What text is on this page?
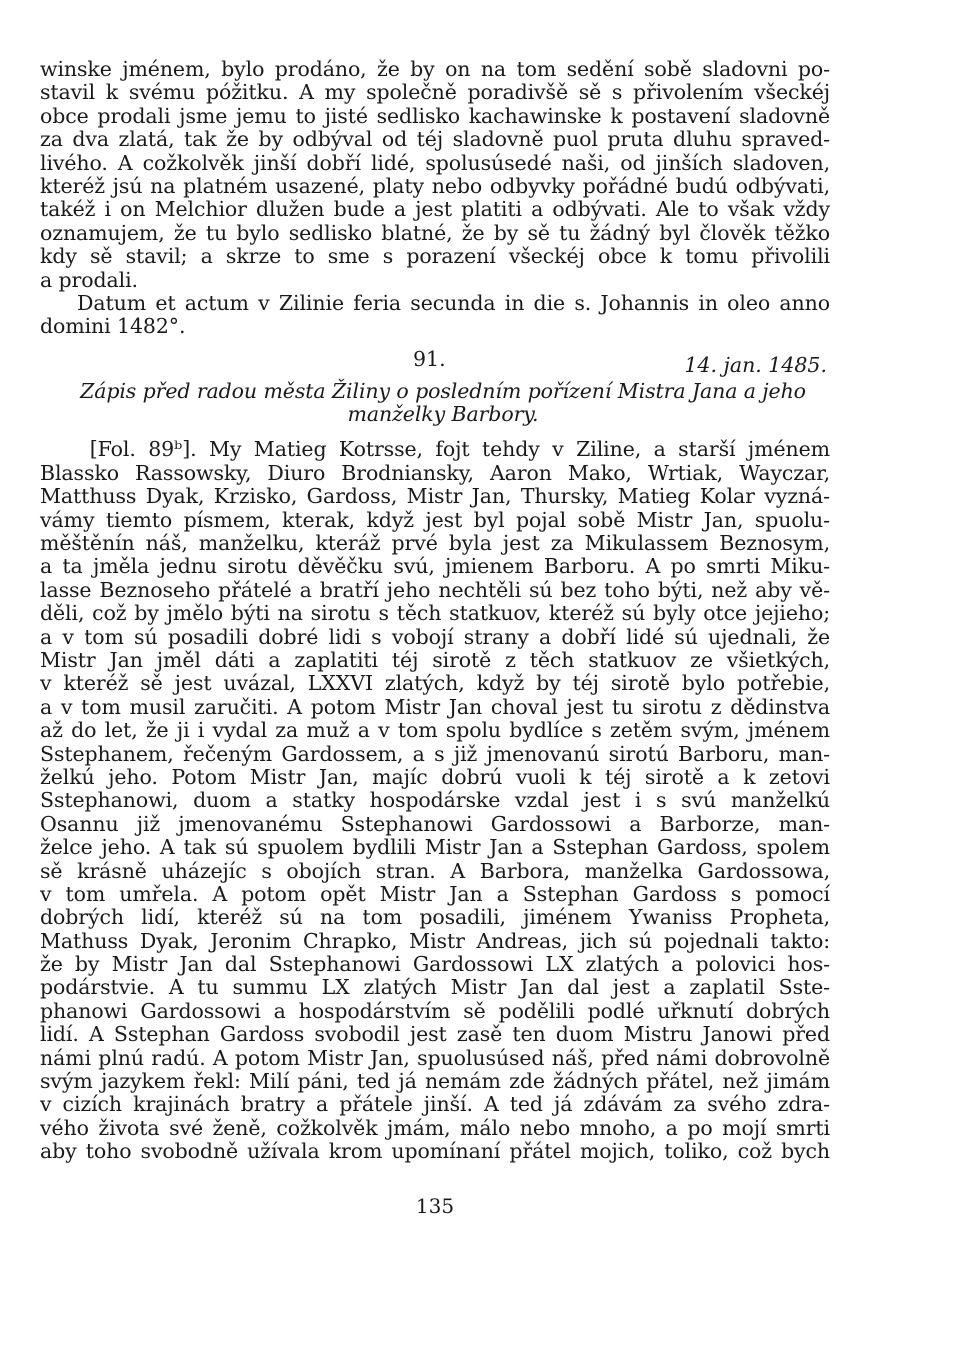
winske jménem, bylo prodáno, že by on na tom sedění sobě sladovni po-
stavil k svému póžitku. A my společně poradivšě sě s přivolením všeckéj
obce prodali jsme jemu to jisté sedlisko kachawinske k postavení sladovně
za dva zlatá, tak že by odbýval od téj sladovně puol pruta dluhu spraved-
livého. A cožkolvěk jinší dobří lidé, spolusúsedé naši, od jinších sladoven,
kteréž jsú na platném usazené, platy nebo odbyvky pořádné budú odbývati,
takéž i on Melchior dlužen bude a jest platiti a odbývati. Ale to však vždy
oznamujem, že tu bylo sedlisko blatné, že by sě tu žádný byl člověk těžko
kdy sě stavil; a skrze to sme s porazení všeckéj obce k tomu přivolili
a prodali.
Datum et actum v Zilinie feria secunda in die s. Johannis in oleo anno
domini 1482°.
91.	14. jan. 1485.
Zápis před radou města Žiliny o posledním pořízení Mistra Jana a jeho
manželky Barbory.
[Fol. 89ᵇ]. My Matieg Kotrsse, fojt tehdy v Ziline, a starší jménem
Blassko Rassowsky, Diuro Brodniansky, Aaron Mako, Wrtiak, Wayczar,
Matthuss Dyak, Krzisko, Gardoss, Mistr Jan, Thursky, Matieg Kolar vyzná-
vámy tiemto písmem, kterak, když jest byl pojal sobě Mistr Jan, spuolu-
měštěnín náš, manželku, kteráž prvé byla jest za Mikulassem Beznosym,
a ta jměla jednu sirotu děvěčku svú, jmienem Barboru. A po smrti Miku-
lasse Beznoseho přátelé a bratří jeho nechtěli sú bez toho býti, než aby vě-
děli, což by jmělo býti na sirotu s těch statkuov, kteréž sú byly otce jejieho;
a v tom sú posadili dobré lidi s vobojí strany a dobří lidé sú ujednali, že
Mistr Jan jměl dáti a zaplatiti téj sirotě z těch statkuov ze všietkých,
v kteréž sě jest uvázal, LXXVI zlatých, když by téj sirotě bylo potřebie,
a v tom musil zaručiti. A potom Mistr Jan choval jest tu sirotu z dědinstva
až do let, že ji i vydal za muž a v tom spolu bydlíce s zetěm svým, jménem
Sstephanem, řečeným Gardossem, a s již jmenovanú sirotú Barboru, man-
želkú jeho. Potom Mistr Jan, majíc dobrú vuoli k téj sirotě a k zetovi
Sstephanowi, duom a statky hospodárske vzdal jest i s svú manželkú
Osannu již jmenovanému Sstephanowi Gardossowi a Barborze, man-
želce jeho. A tak sú spuolem bydlili Mistr Jan a Sstephan Gardoss, spolem
sě krásně uházejíc s obojích stran. A Barbora, manželka Gardossowa,
v tom umřela. A potom opět Mistr Jan a Sstephan Gardoss s pomocí
dobrých lidí, kteréž sú na tom posadili, jiménem Ywaniss Propheta,
Mathuss Dyak, Jeronim Chrapko, Mistr Andreas, jich sú pojednali takto:
že by Mistr Jan dal Sstephanowi Gardossowi LX zlatých a polovici hos-
podárstvie. A tu summu LX zlatých Mistr Jan dal jest a zaplatil Sste-
phanowi Gardossowi a hospodárstvím sě podělili podlé uřknutí dobrých
lidí. A Sstephan Gardoss svobodil jest zasě ten duom Mistru Janowi před
námi plnú radú. A potom Mistr Jan, spuolusúsed náš, před námi dobrovolně
svým jazykem řekl: Milí páni, ted já nemám zde žádných přátel, než jimám
v cizích krajinách bratry a přátele jinší. A ted já zdávám za svého zdra-
vého života své ženě, cožkolvěk jmám, málo nebo mnoho, a po mojí smrti
aby toho svobodně užívala krom upomínaní přátel mojich, toliko, což bych
135
